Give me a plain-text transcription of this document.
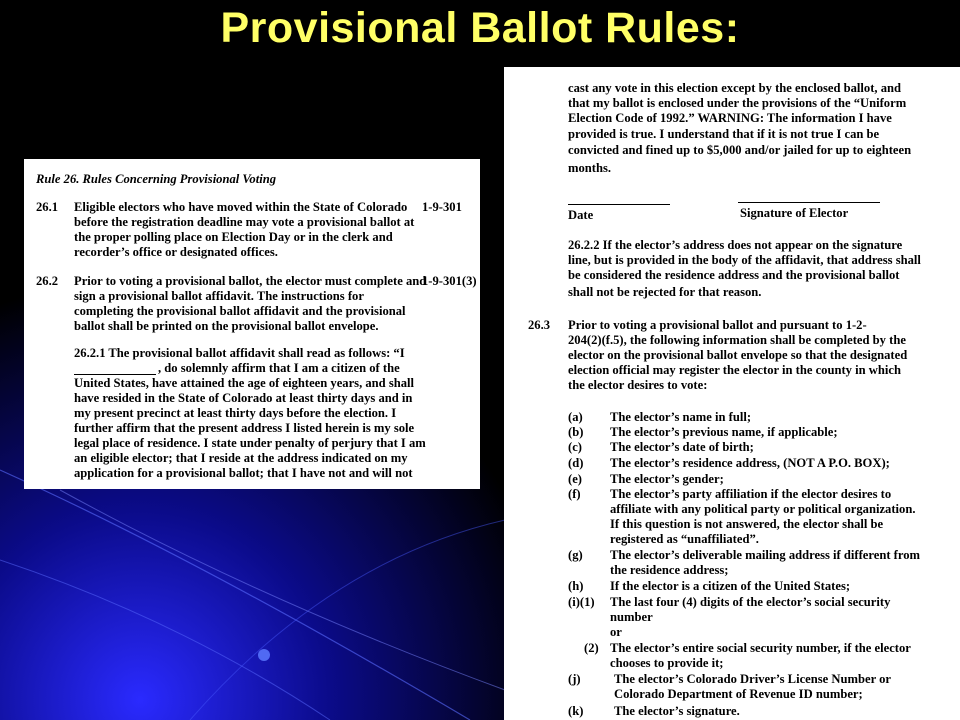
Provisional Ballot Rules:
Rule 26. Rules Concerning Provisional Voting
26.1	1-9-301
Eligible electors who have moved within the State of Colorado
before the registration deadline may vote a provisional ballot at
the proper polling place on Election Day or in the clerk and
recorder’s office or designated offices.
26.2	1-9-301(3)
Prior to voting a provisional ballot, the elector must complete and
sign a provisional ballot affidavit. The instructions for
completing the provisional ballot affidavit and the provisional
ballot shall be printed on the provisional ballot envelope.
26.2.1 The provisional ballot affidavit shall read as follows: “I
, do solemnly affirm that I am a citizen of the
United States, have attained the age of eighteen years, and shall
have resided in the State of Colorado at least thirty days and in
my present precinct at least thirty days before the election. I
further affirm that the present address I listed herein is my sole
legal place of residence. I state under penalty of perjury that I am
an eligible elector; that I reside at the address indicated on my
application for a provisional ballot; that I have not and will not
cast any vote in this election except by the enclosed ballot, and
that my ballot is enclosed under the provisions of the “Uniform
Election Code of 1992.” WARNING: The information I have
provided is true. I understand that if it is not true I can be
convicted and fined up to $5,000 and/or jailed for up to eighteen
months.
Date	Signature of Elector
26.2.2 If the elector’s address does not appear on the signature
line, but is provided in the body of the affidavit, that address shall
be considered the residence address and the provisional ballot
shall not be rejected for that reason.
26.3 Prior to voting a provisional ballot and pursuant to 1-2-
204(2)(f.5), the following information shall be completed by the
elector on the provisional ballot envelope so that the designated
election official may register the elector in the county in which
the elector desires to vote:
(a) The elector’s name in full;
(b) The elector’s previous name, if applicable;
(c) The elector’s date of birth;
(d) The elector’s residence address, (NOT A P.O. BOX);
(e) The elector’s gender;
(f) The elector’s party affiliation if the elector desires to
affiliate with any political party or political organization.
If this question is not answered, the elector shall be
registered as “unaffiliated”.
(g) The elector’s deliverable mailing address if different from
the residence address;
(h) If the elector is a citizen of the United States;
(i)(1) The last four (4) digits of the elector’s social security
number
or
(2) The elector’s entire social security number, if the elector
chooses to provide it;
(j)	The elector’s Colorado Driver’s License Number or
Colorado Department of Revenue ID number;
(k) The elector’s signature.
